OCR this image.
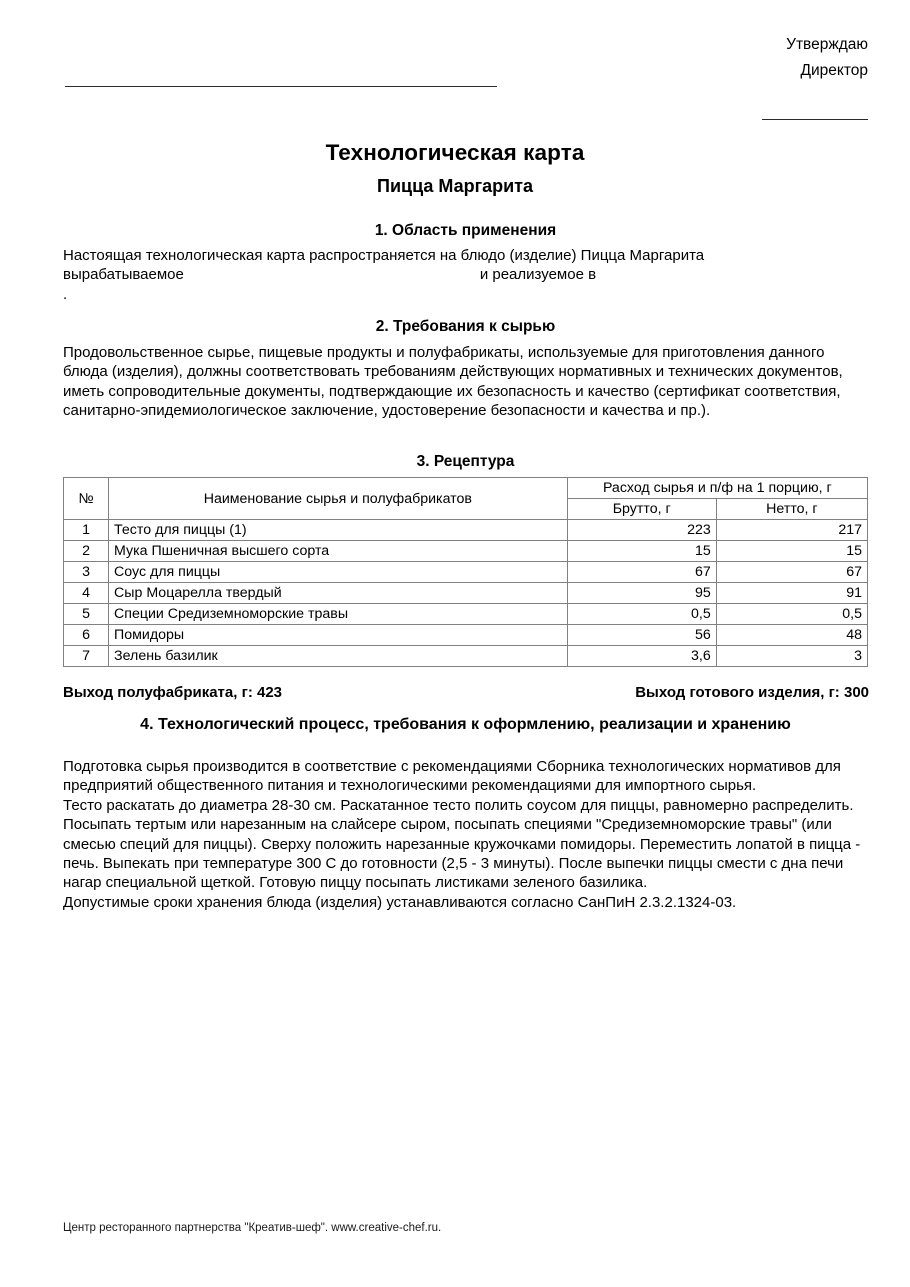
Утверждаю
Директор
Технологическая карта
Пицца Маргарита
1. Область применения

Настоящая технологическая карта распространяется на блюдо (изделие) Пицца Маргарита

вырабатываемое	и реализуемое в
.
2. Требования к сырью

Продовольственное сырье, пищевые продукты и полуфабрикаты, используемые для приготовления данного блюда (изделия), должны соответствовать требованиям действующих нормативных и технических документов, иметь сопроводительные документы, подтверждающие их безопасность и качество (сертификат соответствия, санитарно-эпидемиологическое заключение, удостоверение безопасности и качества и пр.).

3. Рецептура
№	Наименование сырья и полуфабрикатов	Расход сырья и п/ф на 1 порцию, г	
		Брутто, г	Нетто, г
1	Тесто для пиццы (1)	223	217
2	Мука Пшеничная высшего сорта	15	15
3	Соус для пиццы	67	67
4	Сыр Моцарелла твердый	95	91
5	Специи Средиземноморские травы	0,5	0,5
6	Помидоры	56	48
7	Зелень базилик	3,6	3
Выход полуфабриката, г: 423	Выход готового изделия, г: 300
4. Технологический процесс, требования к оформлению, реализации и хранению

Подготовка сырья производится в соответствие с рекомендациями Сборника технологических нормативов для предприятий общественного питания и технологическими рекомендациями для импортного сырья.

Тесто раскатать до диаметра 28-30 см. Раскатанное тесто полить соусом для пиццы, равномерно распределить. Посыпать тертым или нарезанным на слайсере сыром, посыпать специями "Средиземноморские травы" (или смесью специй для пиццы). Сверху положить нарезанные кружочками помидоры. Переместить лопатой в пицца - печь. Выпекать при температуре 300 С до готовности (2,5 - 3 минуты). После выпечки пиццы смести с дна печи нагар специальной щеткой. Готовую пиццу посыпать листиками зеленого базилика.

Допустимые сроки хранения блюда (изделия) устанавливаются согласно СанПиН 2.3.2.1324-03.

Центр ресторанного партнерства "Креатив-шеф". www.creative-chef.ru.
